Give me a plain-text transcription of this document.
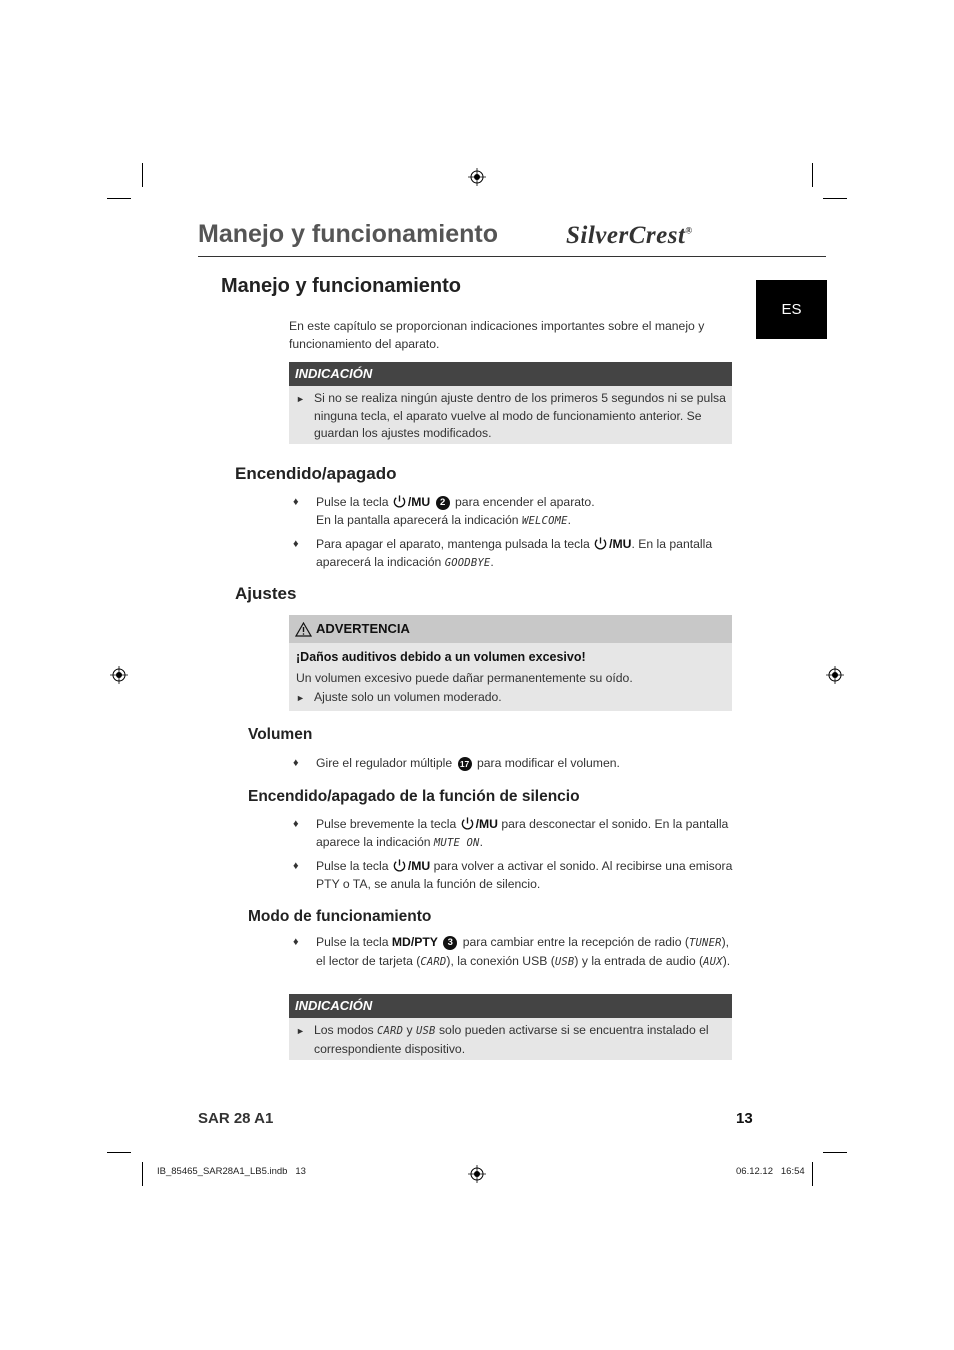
Manejo y funcionamiento	SilverCrest®
ES
Manejo y funcionamiento
En este capítulo se proporcionan indicaciones importantes sobre el manejo y funcionamiento del aparato.
INDICACIÓN
► Si no se realiza ningún ajuste dentro de los primeros 5 segundos ni se pulsa ninguna tecla, el aparato vuelve al modo de funcionamiento anterior. Se guardan los ajustes modificados.
Encendido/apagado
♦	Pulse la tecla /MU 2 para encender el aparato.
En la pantalla aparecerá la indicación WELCOME.
♦	Para apagar el aparato, mantenga pulsada la tecla /MU. En la pantalla aparecerá la indicación GOODBYE.
Ajustes
ADVERTENCIA
¡Daños auditivos debido a un volumen excesivo!
Un volumen excesivo puede dañar permanentemente su oído.
► Ajuste solo un volumen moderado.
Volumen
♦	Gire el regulador múltiple 17 para modificar el volumen.
Encendido/apagado de la función de silencio
♦	Pulse brevemente la tecla /MU para desconectar el sonido. En la pantalla aparece la indicación MUTE ON.
♦	Pulse la tecla /MU para volver a activar el sonido. Al recibirse una emisora PTY o TA, se anula la función de silencio.
Modo de funcionamiento
♦	Pulse la tecla MD/PTY 3 para cambiar entre la recepción de radio (TUNER), el lector de tarjeta (CARD), la conexión USB (USB) y la entrada de audio (AUX).
INDICACIÓN
► Los modos CARD y USB solo pueden activarse si se encuentra instalado el correspondiente dispositivo.
SAR 28 A1	13
IB_85465_SAR28A1_LB5.indb   13	06.12.12   16:54
